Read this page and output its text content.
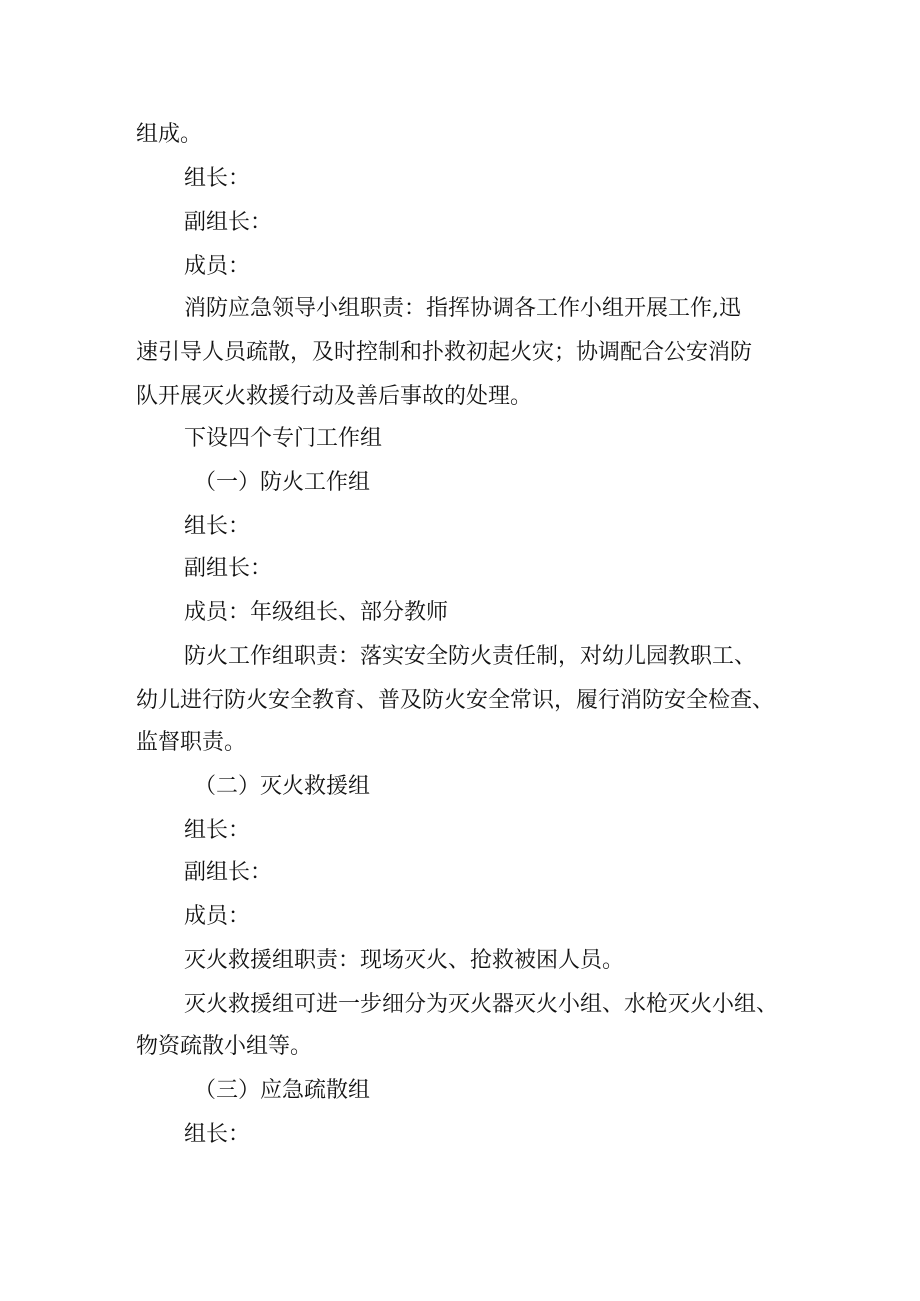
组成。
组长：
副组长：
成员：
消防应急领导小组职责：指挥协调各工作小组开展工作,迅
速引导人员疏散，及时控制和扑救初起火灾；协调配合公安消防
队开展灭火救援行动及善后事故的处理。
下设四个专门工作组
（一）防火工作组
组长：
副组长：
成员：年级组长、部分教师
防火工作组职责：落实安全防火责任制，对幼儿园教职工、
幼儿进行防火安全教育、普及防火安全常识，履行消防安全检查、
监督职责。
（二）灭火救援组
组长：
副组长：
成员：
灭火救援组职责：现场灭火、抢救被困人员。
灭火救援组可进一步细分为灭火器灭火小组、水枪灭火小组、
物资疏散小组等。
（三）应急疏散组
组长：
